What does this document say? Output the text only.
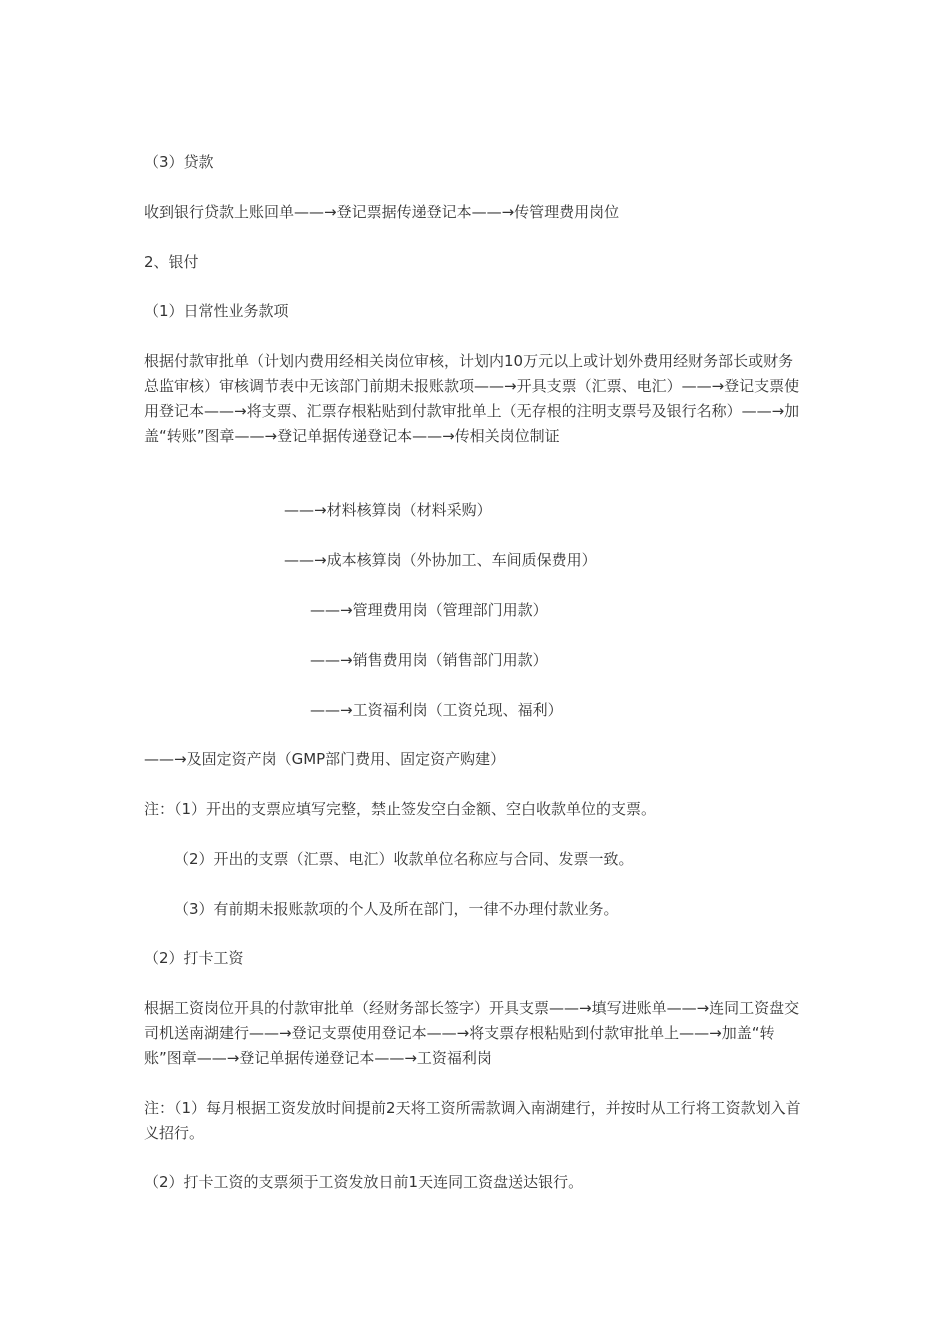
（3）贷款

收到银行贷款上账回单——→登记票据传递登记本——→传管理费用岗位

2、银付

（1）日常性业务款项

根据付款审批单（计划内费用经相关岗位审核，计划内10万元以上或计划外费用经财务部长或财务总监审核）审核调节表中无该部门前期未报账款项——→开具支票（汇票、电汇）——→登记支票使用登记本——→将支票、汇票存根粘贴到付款审批单上（无存根的注明支票号及银行名称）——→加盖“转账”图章——→登记单据传递登记本——→传相关岗位制证

——→材料核算岗（材料采购）

——→成本核算岗（外协加工、车间质保费用）

——→管理费用岗（管理部门用款）

——→销售费用岗（销售部门用款）

——→工资福利岗（工资兑现、福利）

——→及固定资产岗（GMP部门费用、固定资产购建）

注：（1）开出的支票应填写完整，禁止签发空白金额、空白收款单位的支票。

（2）开出的支票（汇票、电汇）收款单位名称应与合同、发票一致。

（3）有前期未报账款项的个人及所在部门，一律不办理付款业务。

（2）打卡工资

根据工资岗位开具的付款审批单（经财务部长签字）开具支票——→填写进账单——→连同工资盘交司机送南湖建行——→登记支票使用登记本——→将支票存根粘贴到付款审批单上——→加盖“转账”图章——→登记单据传递登记本——→工资福利岗

注：（1）每月根据工资发放时间提前2天将工资所需款调入南湖建行，并按时从工行将工资款划入首义招行。

（2）打卡工资的支票须于工资发放日前1天连同工资盘送达银行。
